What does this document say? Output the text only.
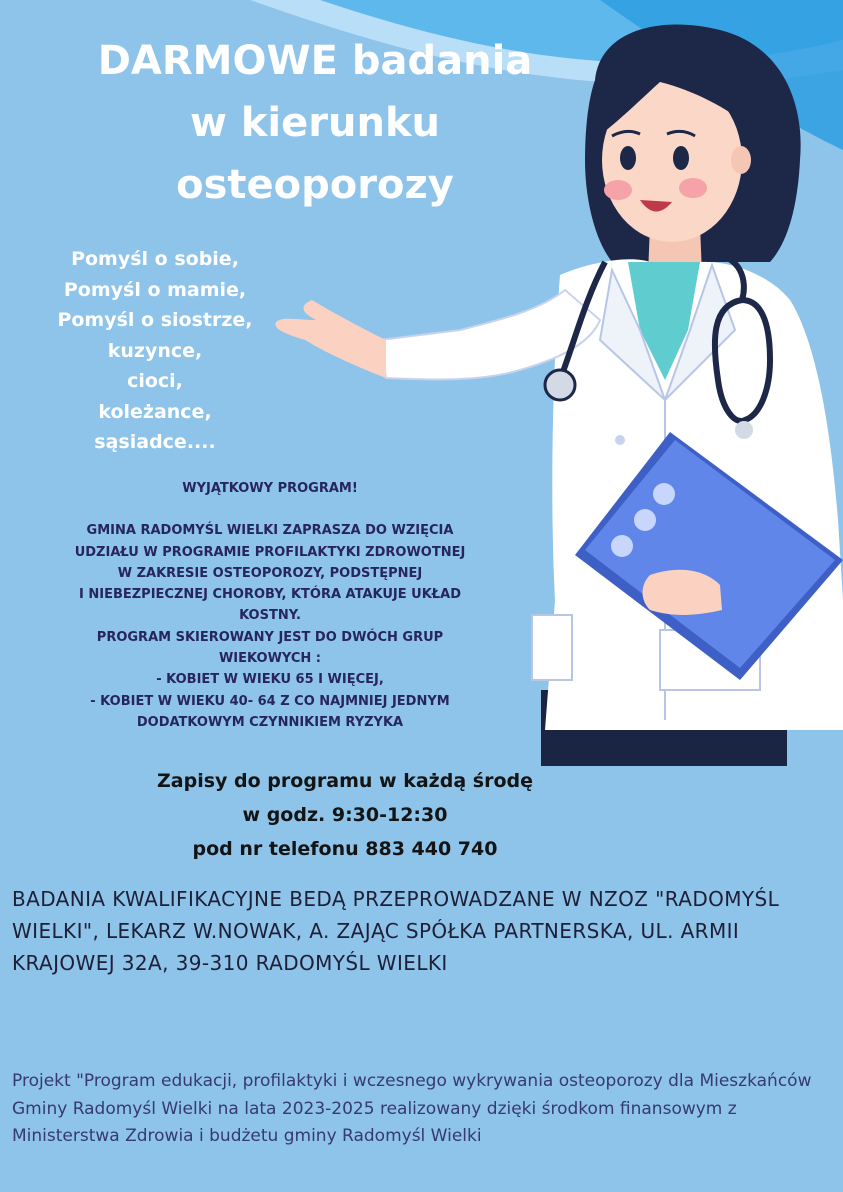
DARMOWE badania
w kierunku
osteoporozy
Pomyśl o sobie,
Pomyśl o mamie,
Pomyśl o siostrze,
kuzynce,
cioci,
koleżance,
sąsiadce....
WYJĄTKOWY PROGRAM!
GMINA RADOMYŚL WIELKI ZAPRASZA DO WZIĘCIA
UDZIAŁU W PROGRAMIE PROFILAKTYKI ZDROWOTNEJ
W ZAKRESIE OSTEOPOROZY, PODSTĘPNEJ
I NIEBEZPIECZNEJ CHOROBY, KTÓRA ATAKUJE UKŁAD
KOSTNY.
PROGRAM SKIEROWANY JEST DO DWÓCH GRUP
WIEKOWYCH :
- KOBIET W WIEKU 65 I WIĘCEJ,
- KOBIET W WIEKU 40- 64 Z CO NAJMNIEJ JEDNYM
DODATKOWYM CZYNNIKIEM RYZYKA
Zapisy do programu w każdą środę
w godz. 9:30-12:30
pod nr telefonu 883 440 740

BADANIA KWALIFIKACYJNE BEDĄ PRZEPROWADZANE W NZOZ "RADOMYŚL WIELKI", LEKARZ W.NOWAK, A. ZAJĄC SPÓŁKA PARTNERSKA, UL. ARMII KRAJOWEJ 32A, 39-310 RADOMYŚL WIELKI

Projekt "Program edukacji, profilaktyki i wczesnego wykrywania osteoporozy dla Mieszkańców Gminy Radomyśl Wielki na lata 2023-2025 realizowany dzięki środkom finansowym z Ministerstwa Zdrowia i budżetu gminy Radomyśl Wielki
